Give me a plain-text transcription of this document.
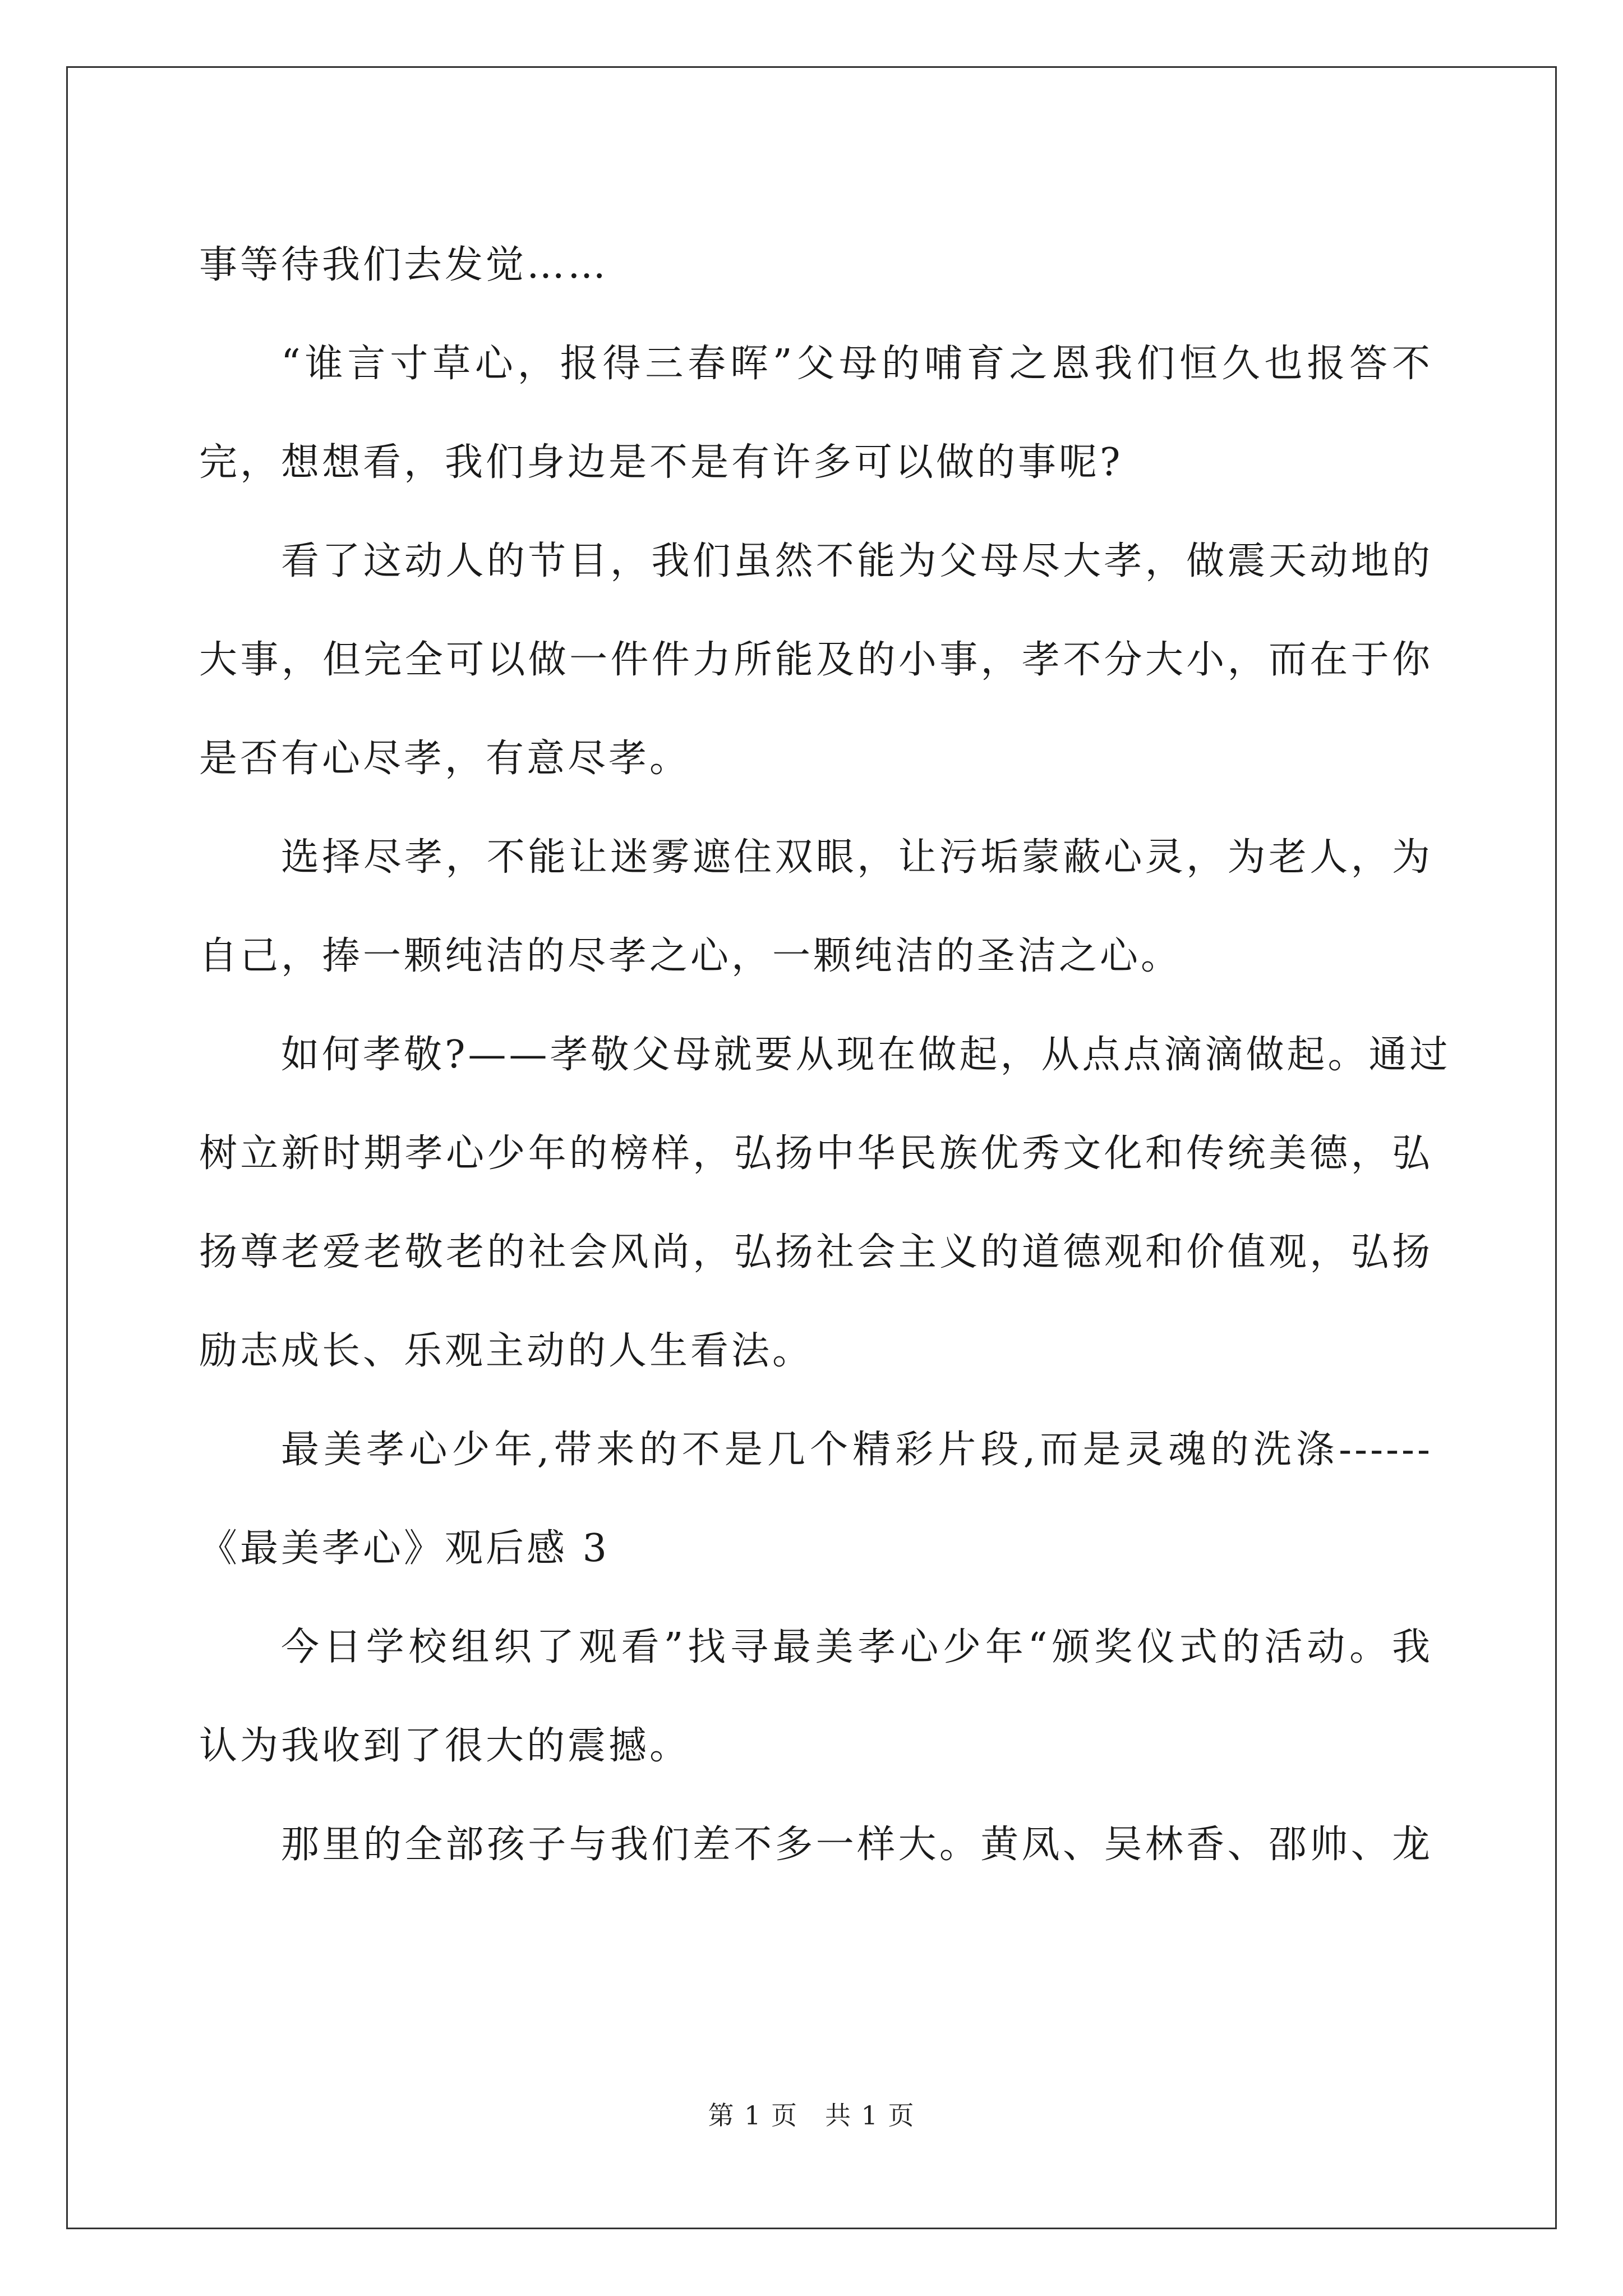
事等待我们去发觉……
“谁言寸草心，报得三春晖”父母的哺育之恩我们恒久也报答不
完，想想看，我们身边是不是有许多可以做的事呢?
看了这动人的节目，我们虽然不能为父母尽大孝，做震天动地的
大事，但完全可以做一件件力所能及的小事，孝不分大小，而在于你
是否有心尽孝，有意尽孝。
选择尽孝，不能让迷雾遮住双眼，让污垢蒙蔽心灵，为老人，为
自己，捧一颗纯洁的尽孝之心，一颗纯洁的圣洁之心。
如何孝敬?——孝敬父母就要从现在做起，从点点滴滴做起。通过
树立新时期孝心少年的榜样，弘扬中华民族优秀文化和传统美德，弘
扬尊老爱老敬老的社会风尚，弘扬社会主义的道德观和价值观，弘扬
励志成长、乐观主动的人生看法。
最美孝心少年,带来的不是几个精彩片段,而是灵魂的洗涤------
《最美孝心》观后感 3
今日学校组织了观看”找寻最美孝心少年“颁奖仪式的活动。我
认为我收到了很大的震撼。
那里的全部孩子与我们差不多一样大。黄凤、吴林香、邵帅、龙
第 1 页　共 1 页
